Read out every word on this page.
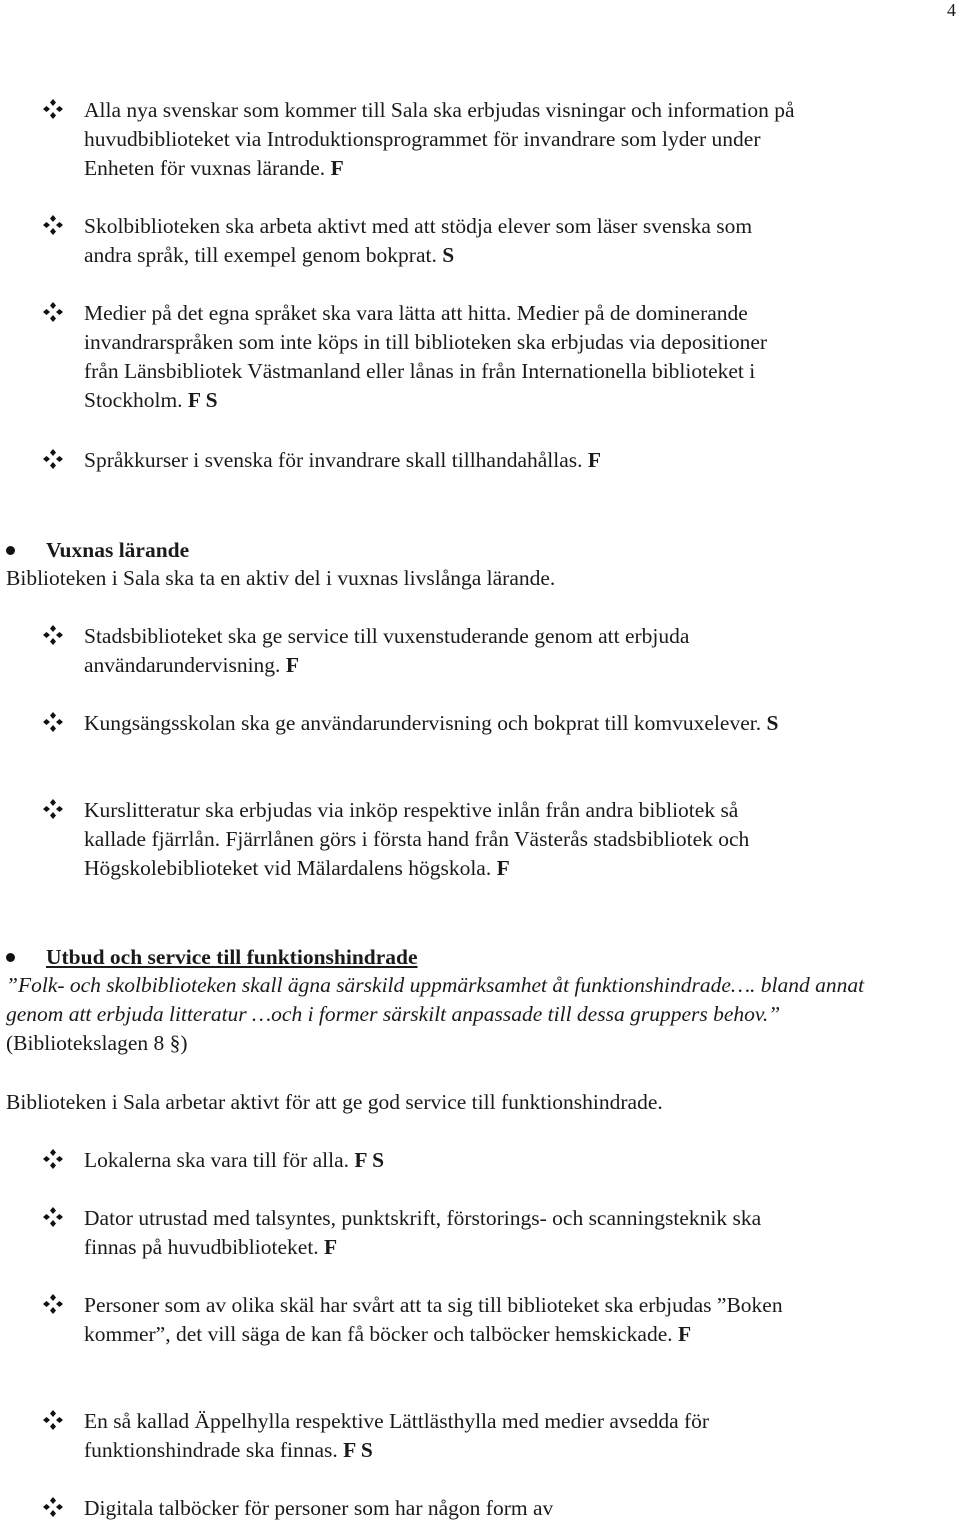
4
Alla nya svenskar som kommer till Sala ska erbjudas visningar och information på huvudbiblioteket via Introduktionsprogrammet för invandrare som lyder under Enheten för vuxnas lärande. F
Skolbiblioteken ska arbeta aktivt med att stödja elever som läser svenska som andra språk, till exempel genom bokprat. S
Medier på det egna språket ska vara lätta att hitta. Medier på de dominerande invandrarspråken som inte köps in till biblioteken ska erbjudas via depositioner från Länsbibliotek Västmanland eller lånas in från Internationella biblioteket i Stockholm. F S
Språkkurser i svenska för invandrare skall tillhandahållas. F
Vuxnas lärande
Biblioteken i Sala ska ta en aktiv del i vuxnas livslånga lärande.
Stadsbiblioteket ska ge service till vuxenstuderande genom att erbjuda användarundervisning. F
Kungsängsskolan ska ge användarundervisning och bokprat till komvuxelever. S
Kurslitteratur ska erbjudas via inköp respektive inlån från andra bibliotek så kallade fjärrlån. Fjärrlånen görs i första hand från Västerås stadsbibliotek och Högskolebiblioteket vid Mälardalens högskola. F
Utbud och service till funktionshindrade
”Folk- och skolbiblioteken skall ägna särskild uppmärksamhet åt funktionshindrade…. bland annat genom att erbjuda litteratur …och i former särskilt anpassade till dessa gruppers behov.” (Bibliotekslagen 8 §)
Biblioteken i Sala arbetar aktivt för att ge god service till funktionshindrade.
Lokalerna ska vara till för alla. F S
Dator utrustad med talsyntes, punktskrift, förstorings- och scanningsteknik ska finnas på huvudbiblioteket. F
Personer som av olika skäl har svårt att ta sig till biblioteket ska erbjudas ”Boken kommer”, det vill säga de kan få böcker och talböcker hemskickade. F
En så kallad Äppelhylla respektive Lättlästhylla med medier avsedda för funktionshindrade ska finnas. F S
Digitala talböcker för personer som har någon form av
